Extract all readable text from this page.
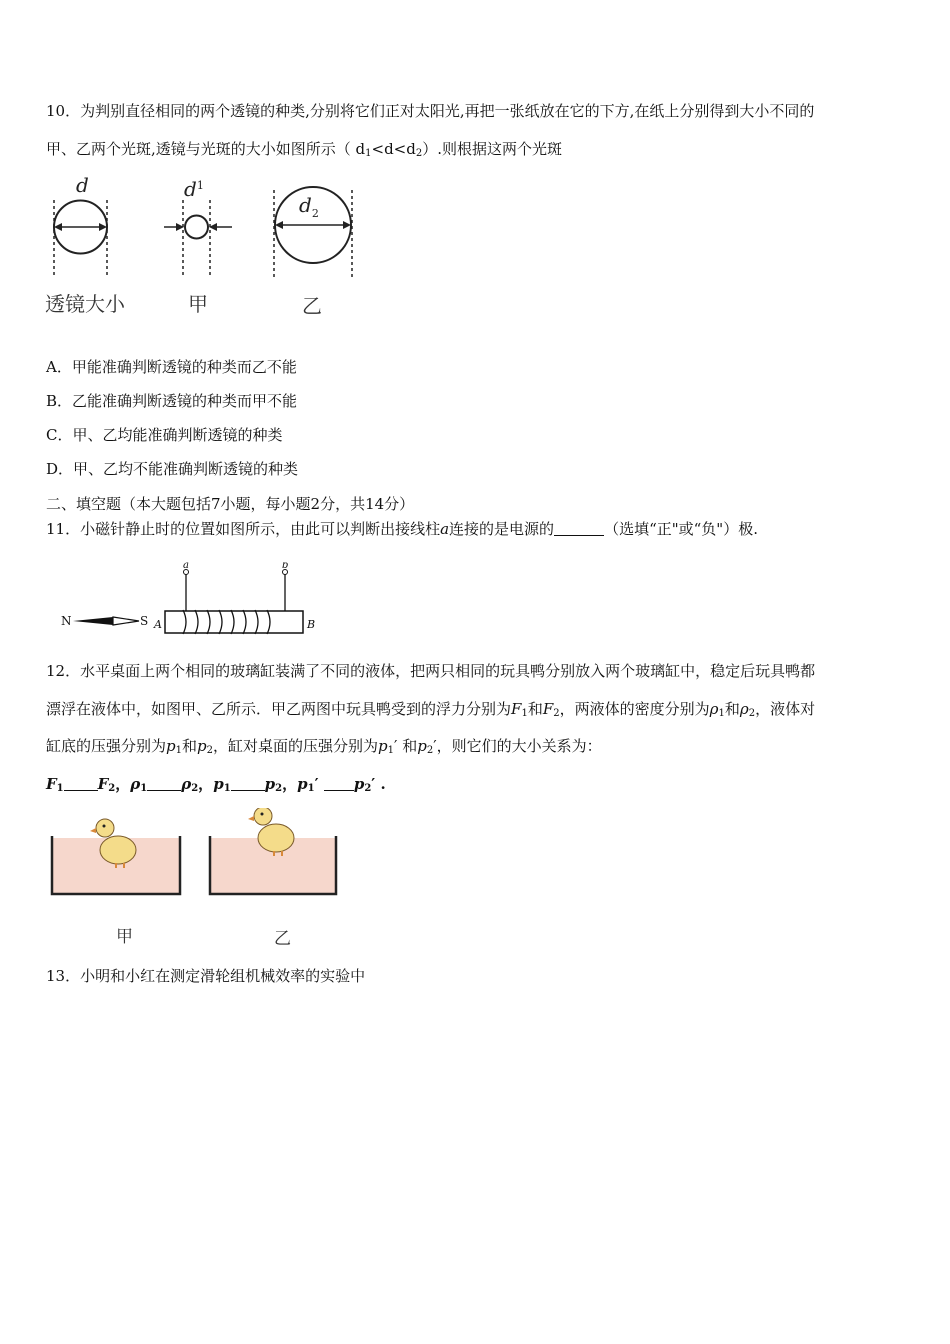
10．为判别直径相同的两个透镜的种类,分别将它们正对太阳光,再把一张纸放在它的下方,在纸上分别得到大小不同的
甲、乙两个光斑,透镜与光斑的大小如图所示（ $d_1<d<d_2$）.则根据这两个光斑
d	$d^1$
$d_2$
透镜大小	甲	乙
A．甲能准确判断透镜的种类而乙不能
B．乙能准确判断透镜的种类而甲不能
C．甲、乙均能准确判断透镜的种类
D．甲、乙均不能准确判断透镜的种类
二、填空题（本大题包括7小题，每小题2分，共14分）
11．小磁针静止时的位置如图所示，由此可以判断出接线柱a连接的是电源的	（选填“正"或“负"）极.
N	S A
a	b
B
12．水平桌面上两个相同的玻璃缸装满了不同的液体，把两只相同的玩具鸭分别放入两个玻璃缸中，稳定后玩具鸭都
漂浮在液体中，如图甲、乙所示．甲乙两图中玩具鸭受到的浮力分别为$F_1$和$F_2$，两液体的密度分别为$\rho_1$和$\rho_2$，液体对
缸底的压强分别为$p_1$和$p_2$，缸对桌面的压强分别为$p_1'$ 和$p_2'$，则它们的大小关系为：
$F_1$ $F_2$，$\rho_1$ $\rho_2$，$p_1$ $p_2$，$p_1'$ $p_2'$ .
甲	乙
13．小明和小红在测定滑轮组机械效率的实验中
